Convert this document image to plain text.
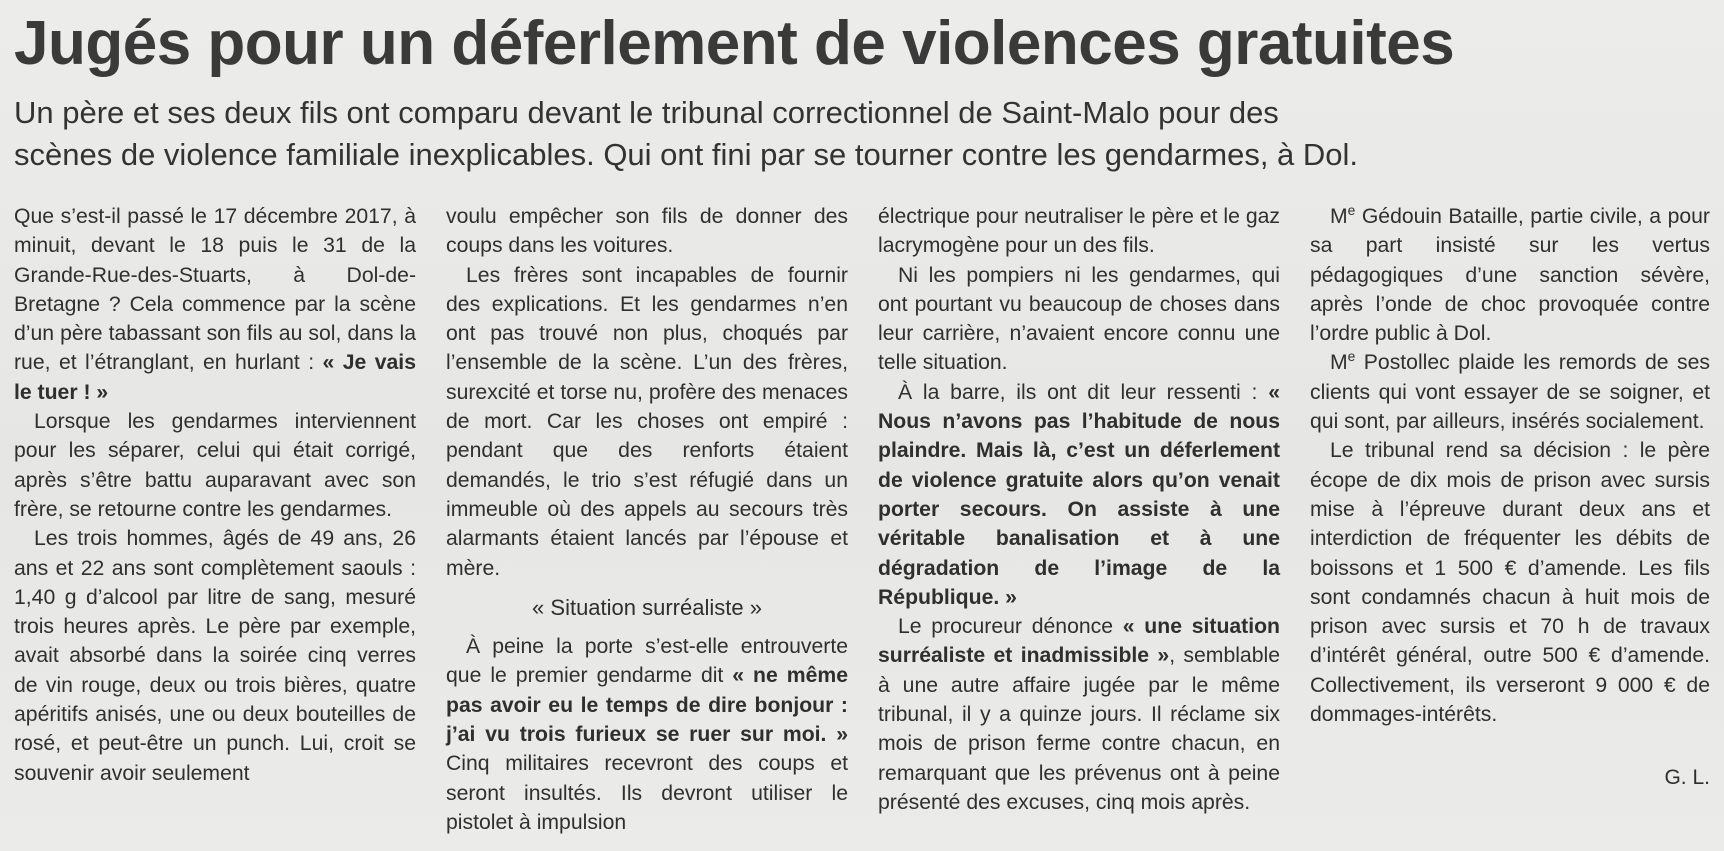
Jugés pour un déferlement de violences gratuites
Un père et ses deux fils ont comparu devant le tribunal correctionnel de Saint-Malo pour des
scènes de violence familiale inexplicables. Qui ont fini par se tourner contre les gendarmes, à Dol.

Que s’est-il passé le 17 décembre 2017, à minuit, devant le 18 puis le 31 de la Grande-Rue-des-Stuarts, à Dol-de-Bretagne ? Cela commence par la scène d’un père tabassant son fils au sol, dans la rue, et l’étranglant, en hurlant : « Je vais le tuer ! »

Lorsque les gendarmes interviennent pour les séparer, celui qui était corrigé, après s’être battu auparavant avec son frère, se retourne contre les gendarmes.

Les trois hommes, âgés de 49 ans, 26 ans et 22 ans sont complètement saouls : 1,40 g d’alcool par litre de sang, mesuré trois heures après. Le père par exemple, avait absorbé dans la soirée cinq verres de vin rouge, deux ou trois bières, quatre apéritifs anisés, une ou deux bouteilles de rosé, et peut-être un punch. Lui, croit se souvenir avoir seulement

voulu empêcher son fils de donner des coups dans les voitures.

Les frères sont incapables de fournir des explications. Et les gendarmes n’en ont pas trouvé non plus, choqués par l’ensemble de la scène. L’un des frères, surexcité et torse nu, profère des menaces de mort. Car les choses ont empiré : pendant que des renforts étaient demandés, le trio s’est réfugié dans un immeuble où des appels au secours très alarmants étaient lancés par l’épouse et mère.

« Situation surréaliste »

À peine la porte s’est-elle entrouverte que le premier gendarme dit « ne même pas avoir eu le temps de dire bonjour : j’ai vu trois furieux se ruer sur moi. » Cinq militaires recevront des coups et seront insultés. Ils devront utiliser le pistolet à impulsion

électrique pour neutraliser le père et le gaz lacrymogène pour un des fils.

Ni les pompiers ni les gendarmes, qui ont pourtant vu beaucoup de choses dans leur carrière, n’avaient encore connu une telle situation.

À la barre, ils ont dit leur ressenti : « Nous n’avons pas l’habitude de nous plaindre. Mais là, c’est un déferlement de violence gratuite alors qu’on venait porter secours. On assiste à une véritable banalisation et à une dégradation de l’image de la République. »

Le procureur dénonce « une situation surréaliste et inadmissible », semblable à une autre affaire jugée par le même tribunal, il y a quinze jours. Il réclame six mois de prison ferme contre chacun, en remarquant que les prévenus ont à peine présenté des excuses, cinq mois après.

Me Gédouin Bataille, partie civile, a pour sa part insisté sur les vertus pédagogiques d’une sanction sévère, après l’onde de choc provoquée contre l’ordre public à Dol.

Me Postollec plaide les remords de ses clients qui vont essayer de se soigner, et qui sont, par ailleurs, insérés socialement.

Le tribunal rend sa décision : le père écope de dix mois de prison avec sursis mise à l’épreuve durant deux ans et interdiction de fréquenter les débits de boissons et 1 500 € d’amende. Les fils sont condamnés chacun à huit mois de prison avec sursis et 70 h de travaux d’intérêt général, outre 500 € d’amende. Collectivement, ils verseront 9 000 € de dommages-intérêts.

G. L.
